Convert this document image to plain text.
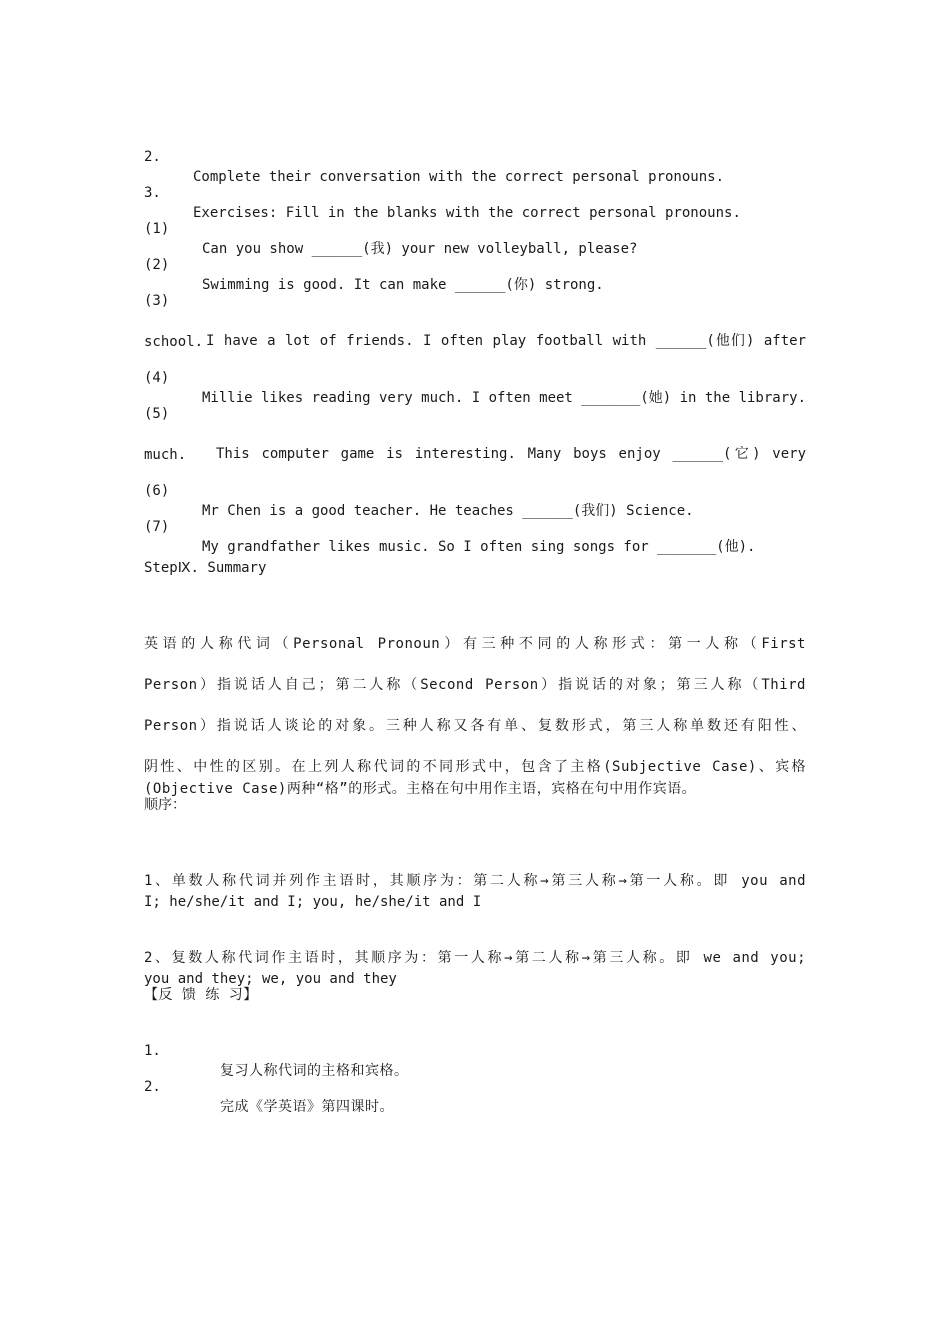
2.

Complete their conversation with the correct personal pronouns.

3.

Exercises: Fill in the blanks with the correct personal pronouns.

(1)

Can you show ______(我) your new volleyball, please?

(2)

Swimming is good. It can make ______(你) strong.

(3)

I have a lot of friends. I often play football with ______(他们) after

school.

(4)

Millie likes reading very much. I often meet _______(她) in the library.

(5)

This computer game is interesting. Many boys enjoy ______(它) very

much.

(6)

Mr Chen is a good teacher. He teaches ______(我们) Science.

(7)

My grandfather likes music. So I often sing songs for _______(他).

StepⅨ. Summary

英语的人称代词（Personal Pronoun）有三种不同的人称形式：第一人称（First

Person）指说话人自己；第二人称（Second Person）指说话的对象；第三人称（Third

Person）指说话人谈论的对象。三种人称又各有单、复数形式，第三人称单数还有阳性、

阴性、中性的区别。在上列人称代词的不同形式中，包含了主格(Subjective Case)、宾格

(Objective Case)两种“格”的形式。主格在句中用作主语，宾格在句中用作宾语。

顺序：

1、单数人称代词并列作主语时，其顺序为：第二人称→第三人称→第一人称。即 you and

I; he/she/it and I; you, he/she/it and I

2、复数人称代词作主语时，其顺序为：第一人称→第二人称→第三人称。即 we and you;

you and they; we, you and they

【反 馈 练 习】

1.

复习人称代词的主格和宾格。

2.

完成《学英语》第四课时。
